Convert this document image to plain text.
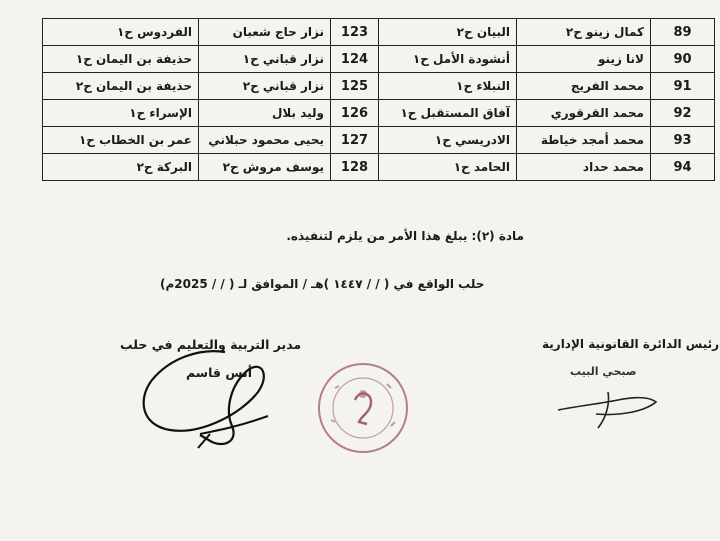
الفردوس ح١	نزار حاج شعبان	123	البيان ح٢	كمال زينو ح٢	89
حذيفة بن اليمان ح١	نزار قباني ح١	124	أنشودة الأمل ح١	لانا زينو	90
حذيفة بن اليمان ح٢	نزار قباني ح٢	125	النبلاء ح١	محمد الفريج	91
الإسراء ح١	وليد بلال	126	آفاق المستقبل ح١	محمد القرقوري	92
عمر بن الخطاب ح١	يحيى محمود حبلاني	127	الادريسي ح١	محمد أمجد خياطة	93
البركة ح٢	يوسف مروش ح٢	128	الحامد ح١	محمد حداد	94
مادة (٢): يبلغ هذا الأمر من يلزم لتنفيذه.
حلب الواقع في ( / / ١٤٤٧ )هـ / الموافق لـ ( / / 2025م)
مدير التربية والتعليم في حلب
أنس قاسم
رئيس الدائرة القانونية الإدارية
صبحي البيب
